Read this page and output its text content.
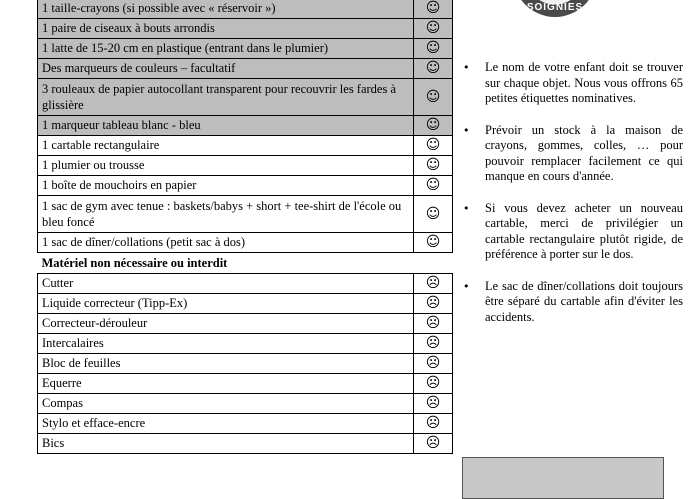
1 taille-crayons (si possible avec « réservoir »)	☺
1 paire de ciseaux à bouts arrondis	☺
1 latte de 15-20 cm en plastique (entrant dans le plumier)	☺
Des marqueurs de couleurs – facultatif	☺
3 rouleaux de papier autocollant transparent pour recouvrir les fardes à glissière	☺
1 marqueur tableau blanc - bleu	☺
1 cartable rectangulaire	☺
1 plumier ou trousse	☺
1 boîte de mouchoirs en papier	☺
1 sac de gym avec tenue : baskets/babys + short + tee-shirt de l'école ou bleu foncé	☺
1 sac de dîner/collations (petit sac à dos)	☺
Matériel non nécessaire ou interdit	
Cutter	☹
Liquide correcteur (Tipp-Ex)	☹
Correcteur-dérouleur	☹
Intercalaires	☹
Bloc de feuilles	☹
Equerre	☹
Compas	☹
Stylo et efface-encre	☹
Bics	☹
SOIGNIES
• Le nom de votre enfant doit se trouver sur chaque objet. Nous vous offrons 65 petites étiquettes nominatives.
• Prévoir un stock à la maison de crayons, gommes, colles, … pour pouvoir remplacer facilement ce qui manque en cours d'année.
• Si vous devez acheter un nouveau cartable, merci de privilégier un cartable rectangulaire plutôt rigide, de préférence à porter sur le dos.
• Le sac de dîner/collations doit toujours être séparé du cartable afin d'éviter les accidents.
